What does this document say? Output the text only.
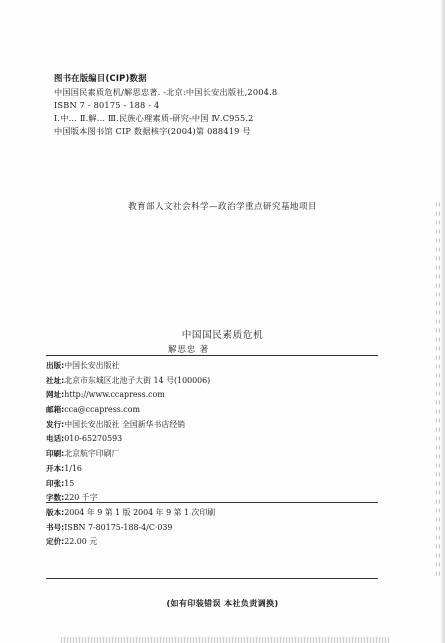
图书在版编目(CIP)数据
中国国民素质危机/解思忠著. -北京:中国长安出版社,2004.8
ISBN 7 - 80175 - 188 - 4
Ⅰ.中... Ⅱ.解... Ⅲ.民族心理素质-研究-中国 Ⅳ.C955.2
中国版本图书馆 CIP 数据核字(2004)第 088419 号
教育部人文社会科学—政治学重点研究基地项目
中国国民素质危机
解思忠 著
出版:中国长安出版社
社址:北京市东城区北池子大街 14 号(100006)
网址:http://www.ccapress.com
邮箱:cca@ccapress.com
发行:中国长安出版社 全国新华书店经销
电话:010-65270593
印刷:北京航宇印刷厂
开本:1/16
印张:15
字数:220 千字
版本:2004 年 9 第 1 版 2004 年 9 第 1 次印刷
书号:ISBN 7-80175-188-4/C·039
定价:22.00 元
(如有印装错误 本社负责调换)
